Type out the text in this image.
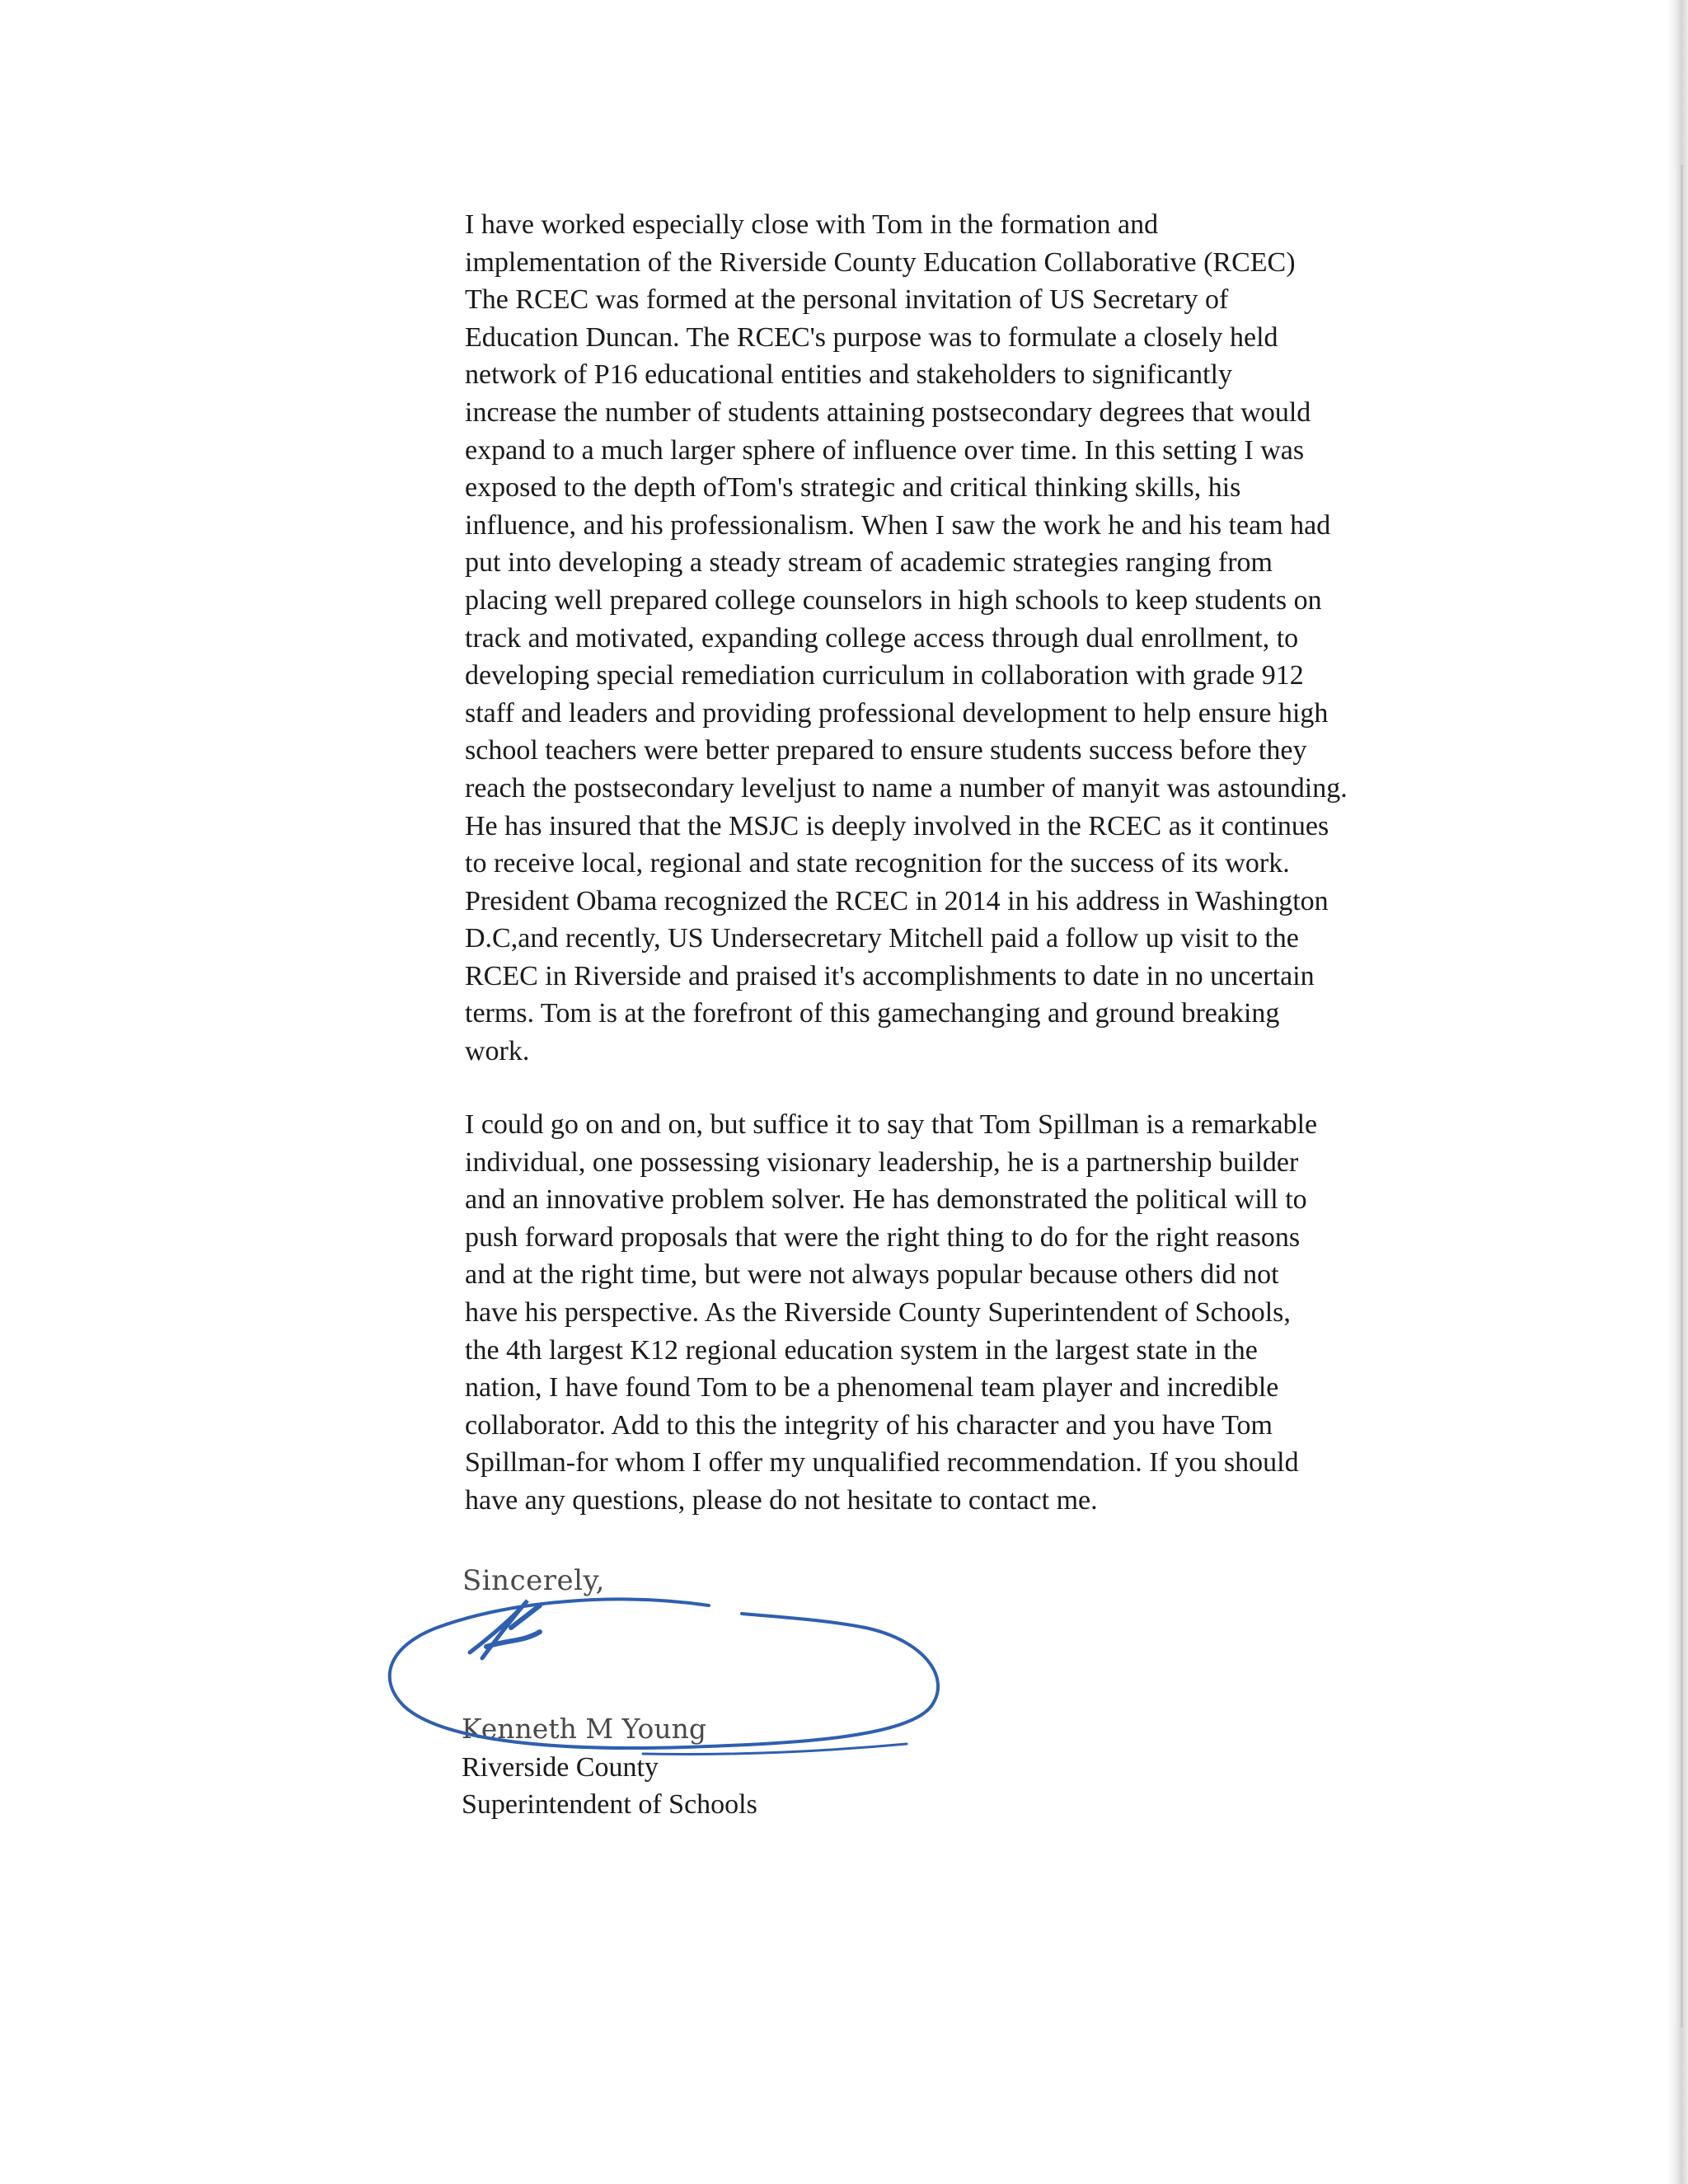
I have worked especially close with Tom in the formation and
implementation of the Riverside County Education Collaborative (RCEC)
The RCEC was formed at the personal invitation of US Secretary of
Education Duncan. The RCEC's purpose was to formulate a closely held
network of P16 educational entities and stakeholders to significantly
increase the number of students attaining postsecondary degrees that would
expand to a much larger sphere of influence over time. In this setting I was
exposed to the depth ofTom's strategic and critical thinking skills, his
influence, and his professionalism. When I saw the work he and his team had
put into developing a steady stream of academic strategies ranging from
placing well prepared college counselors in high schools to keep students on
track and motivated, expanding college access through dual enrollment, to
developing special remediation curriculum in collaboration with grade 912
staff and leaders and providing professional development to help ensure high
school teachers were better prepared to ensure students success before they
reach the postsecondary leveljust to name a number of manyit was astounding.
He has insured that the MSJC is deeply involved in the RCEC as it continues
to receive local, regional and state recognition for the success of its work.
President Obama recognized the RCEC in 2014 in his address in Washington
D.C,and recently, US Undersecretary Mitchell paid a follow up visit to the
RCEC in Riverside and praised it's accomplishments to date in no uncertain
terms. Tom is at the forefront of this gamechanging and ground breaking
work.
I could go on and on, but suffice it to say that Tom Spillman is a remarkable
individual, one possessing visionary leadership, he is a partnership builder
and an innovative problem solver. He has demonstrated the political will to
push forward proposals that were the right thing to do for the right reasons
and at the right time, but were not always popular because others did not
have his perspective. As the Riverside County Superintendent of Schools,
the 4th largest K12 regional education system in the largest state in the
nation, I have found Tom to be a phenomenal team player and incredible
collaborator. Add to this the integrity of his character and you have Tom
Spillman-for whom I offer my unqualified recommendation. If you should
have any questions, please do not hesitate to contact me.
Sincerely,
Kenneth M Young
Riverside County
Superintendent of Schools
